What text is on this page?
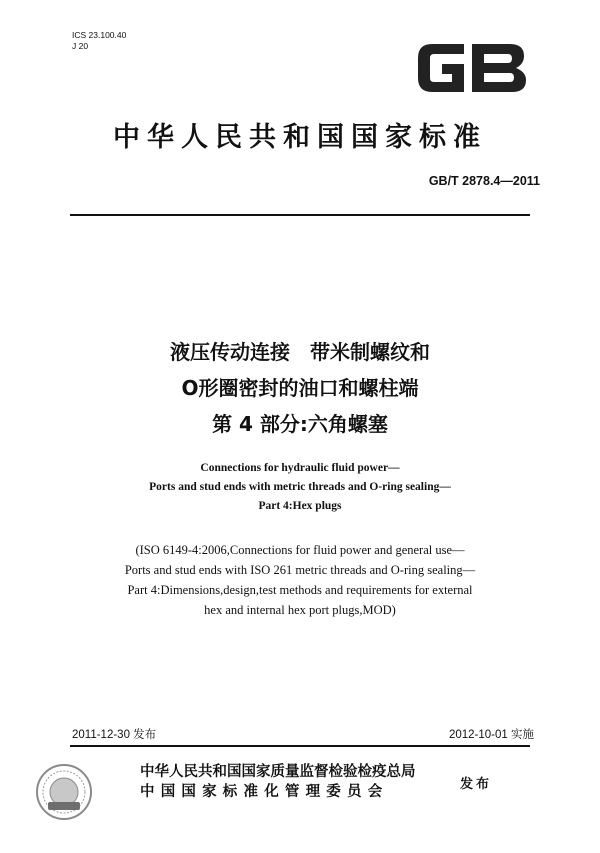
ICS 23.100.40
J 20
中华人民共和国国家标准
GB/T 2878.4—2011
液压传动连接　带米制螺纹和
O形圈密封的油口和螺柱端
第 4 部分:六角螺塞
Connections for hydraulic fluid power—
Ports and stud ends with metric threads and O-ring sealing—
Part 4:Hex plugs
(ISO 6149-4:2006,Connections for fluid power and general use—
Ports and stud ends with ISO 261 metric threads and O-ring sealing—
Part 4:Dimensions,design,test methods and requirements for external
hex and internal hex port plugs,MOD)
2011-12-30 发布	2012-10-01 实施
中华人民共和国国家质量监督检验检疫总局
中国国家标准化管理委员会	发布
